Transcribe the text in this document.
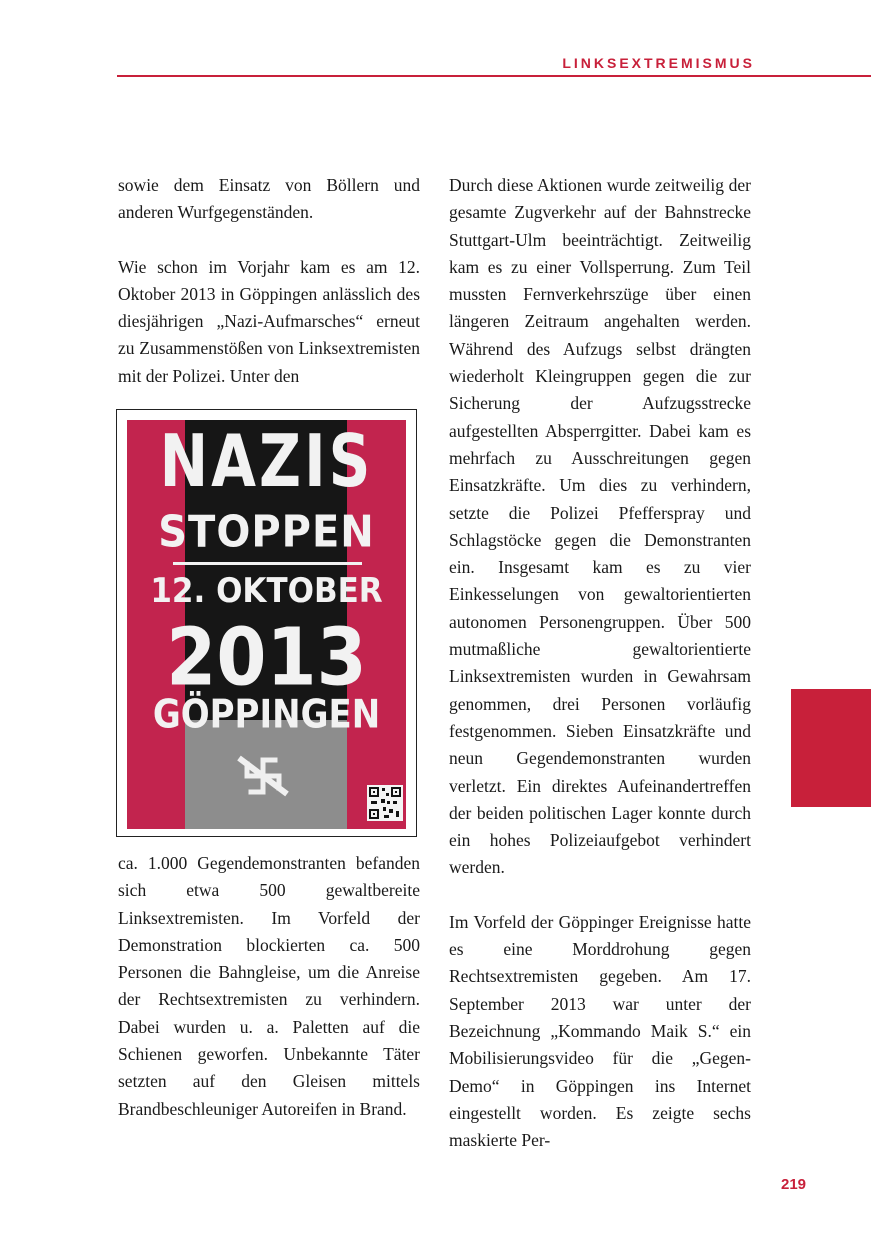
LINKSEXTREMISMUS

sowie dem Einsatz von Böllern und anderen Wurfgegenständen.

Wie schon im Vorjahr kam es am 12. Oktober 2013 in Göppingen anlässlich des diesjährigen „Nazi-Aufmarsches“ erneut zu Zusammenstößen von Linksextremisten mit der Polizei. Unter den

NAZIS
STOPPEN
12. OKTOBER
2013
GÖPPINGEN

ca. 1.000 Gegendemonstranten befanden sich etwa 500 gewaltbereite Linksextremisten. Im Vorfeld der Demonstration blockierten ca. 500 Personen die Bahngleise, um die Anreise der Rechtsextremisten zu verhindern. Dabei wurden u. a. Paletten auf die Schienen geworfen. Unbekannte Täter setzten auf den Gleisen mittels Brandbeschleuniger Autoreifen in Brand.

Durch diese Aktionen wurde zeitweilig der gesamte Zugverkehr auf der Bahnstrecke Stuttgart-Ulm beeinträchtigt. Zeitweilig kam es zu einer Vollsperrung. Zum Teil mussten Fernverkehrszüge über einen längeren Zeitraum angehalten werden. Während des Aufzugs selbst drängten wiederholt Kleingruppen gegen die zur Sicherung der Aufzugsstrecke aufgestellten Absperrgitter. Dabei kam es mehrfach zu Ausschreitungen gegen Einsatzkräfte. Um dies zu verhindern, setzte die Polizei Pfefferspray und Schlagstöcke gegen die Demonstranten ein. Insgesamt kam es zu vier Einkesselungen von gewaltorientierten autonomen Personengruppen. Über 500 mutmaßliche gewaltorientierte Linksextremisten wurden in Gewahrsam genommen, drei Personen vorläufig festgenommen. Sieben Einsatzkräfte und neun Gegendemonstranten wurden verletzt. Ein direktes Aufeinandertreffen der beiden politischen Lager konnte durch ein hohes Polizeiaufgebot verhindert werden.

Im Vorfeld der Göppinger Ereignisse hatte es eine Morddrohung gegen Rechtsextremisten gegeben. Am 17. September 2013 war unter der Bezeichnung „Kommando Maik S.“ ein Mobilisierungsvideo für die „Gegen-Demo“ in Göppingen ins Internet eingestellt worden. Es zeigte sechs maskierte Per-

219
